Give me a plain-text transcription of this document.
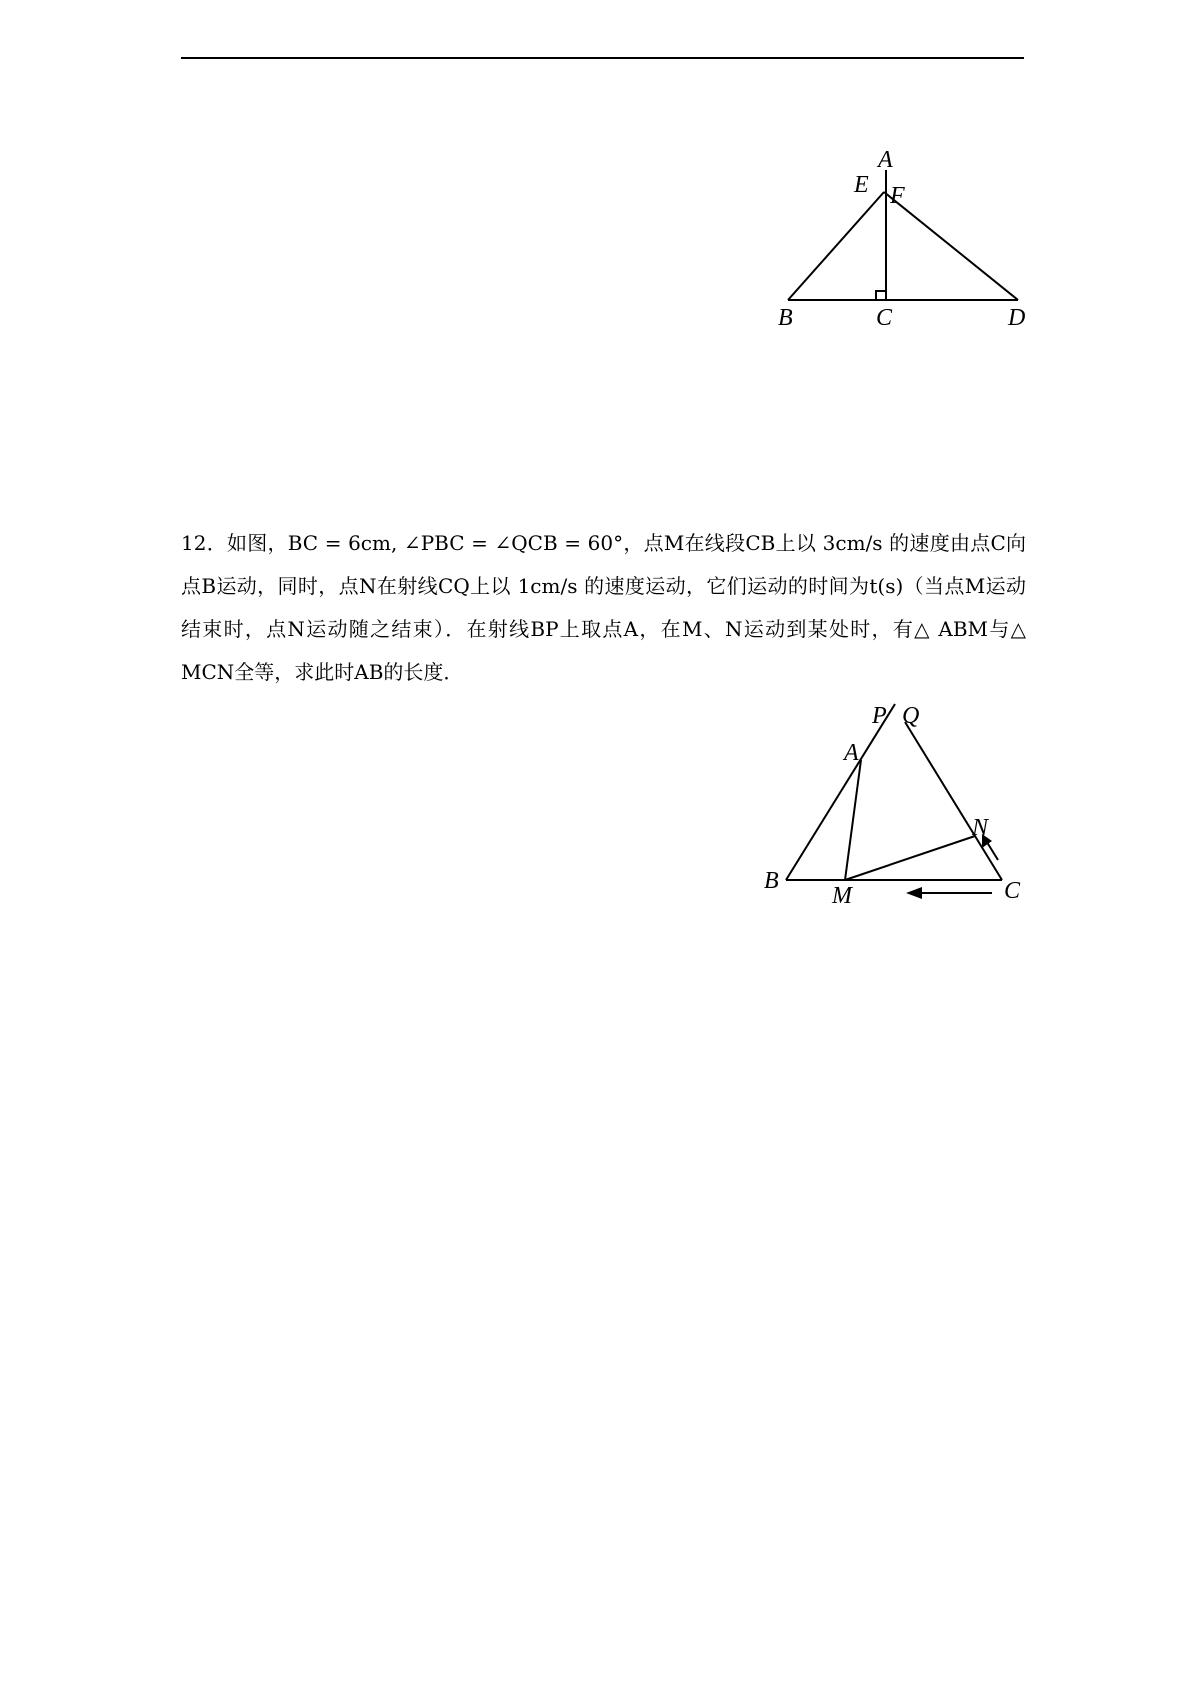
A
E F
B	C	D
12．如图，BC = 6cm, ∠PBC = ∠QCB = 60°，点M在线段CB上以 3cm/s 的速度由点C向点B运动，同时，点N在射线CQ上以 1cm/s 的速度运动，它们运动的时间为t(s)（当点M运动结束时，点N运动随之结束）．在射线BP上取点A，在M、N运动到某处时，有△ ABM与△ MCN全等，求此时AB的长度．
P Q
A
N
B
M	C
